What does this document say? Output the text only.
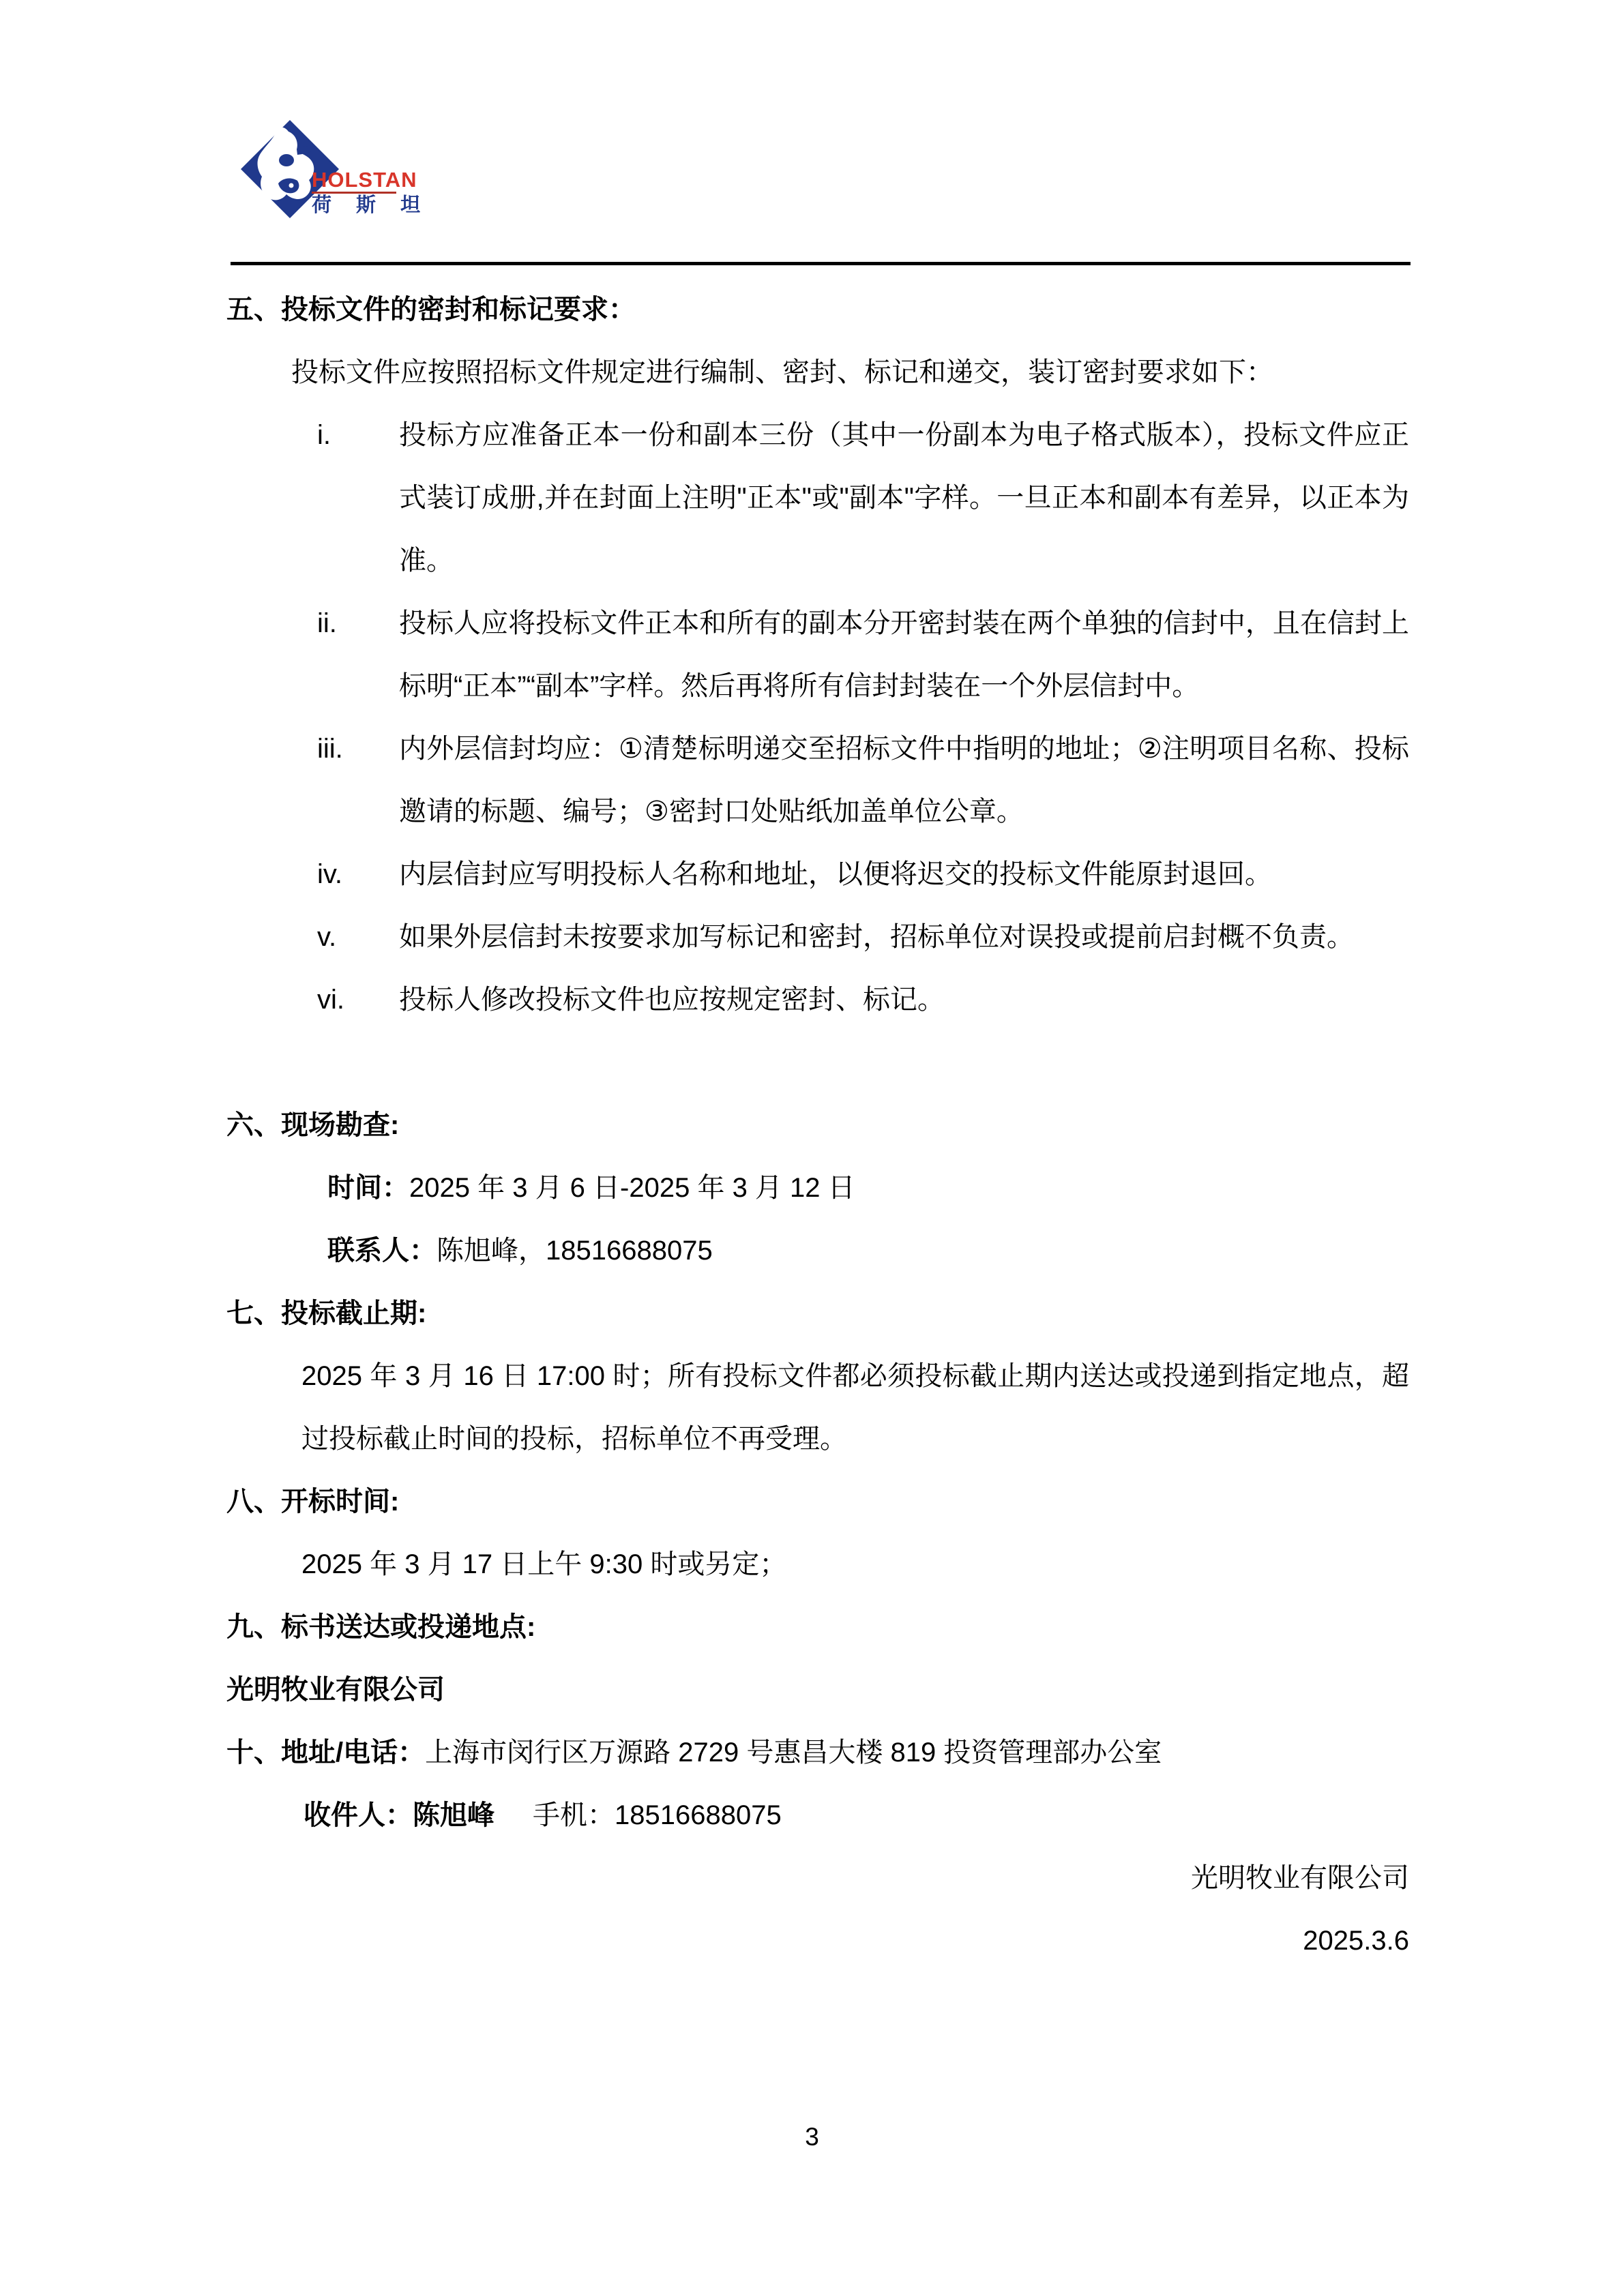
HOLSTAN
荷 斯 坦
五、投标文件的密封和标记要求：
投标文件应按照招标文件规定进行编制、密封、标记和递交，装订密封要求如下：
i.	投标方应准备正本一份和副本三份（其中一份副本为电子格式版本），投标文件应正式装订成册,并在封面上注明"正本"或"副本"字样。一旦正本和副本有差异，以正本为准。
ii.	投标人应将投标文件正本和所有的副本分开密封装在两个单独的信封中，且在信封上标明“正本”“副本”字样。然后再将所有信封封装在一个外层信封中。
iii.	内外层信封均应：①清楚标明递交至招标文件中指明的地址；②注明项目名称、投标邀请的标题、编号；③密封口处贴纸加盖单位公章。
iv.	内层信封应写明投标人名称和地址，以便将迟交的投标文件能原封退回。
v.	如果外层信封未按要求加写标记和密封，招标单位对误投或提前启封概不负责。
vi.	投标人修改投标文件也应按规定密封、标记。
六、现场勘查:
时间：2025 年 3 月 6 日-2025 年 3 月 12 日
联系人：陈旭峰，18516688075
七、投标截止期:
2025 年 3 月 16 日 17:00 时；所有投标文件都必须投标截止期内送达或投递到指定地点，超过投标截止时间的投标，招标单位不再受理。
八、开标时间:
2025 年 3 月 17 日上午 9:30 时或另定；
九、标书送达或投递地点:
光明牧业有限公司
十、地址/电话：上海市闵行区万源路 2729 号惠昌大楼 819 投资管理部办公室
收件人：陈旭峰 手机：18516688075
光明牧业有限公司
2025.3.6
3
